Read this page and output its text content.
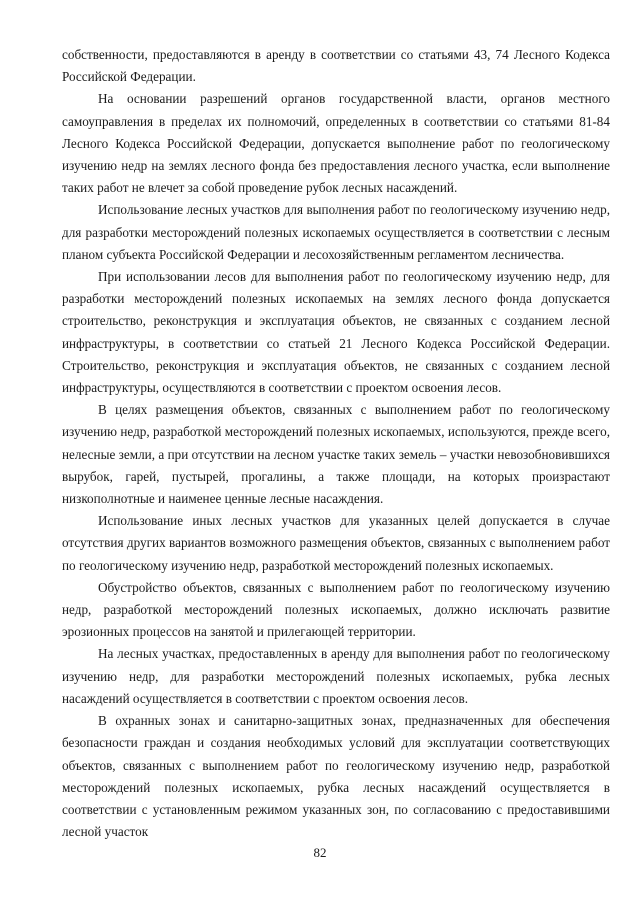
собственности, предоставляются в аренду в соответствии со статьями 43, 74 Лесного Кодекса Российской Федерации.

На основании разрешений органов государственной власти, органов местного самоуправления в пределах их полномочий, определенных в соответствии со статьями 81-84 Лесного Кодекса Российской Федерации, допускается выполнение работ по геологическому изучению недр на землях лесного фонда без предоставления лесного участка, если выполнение таких работ не влечет за собой проведение рубок лесных насаждений.

Использование лесных участков для выполнения работ по геологическому изучению недр, для разработки месторождений полезных ископаемых осуществляется в соответствии с лесным планом субъекта Российской Федерации и лесохозяйственным регламентом лесничества.

При использовании лесов для выполнения работ по геологическому изучению недр, для разработки месторождений полезных ископаемых на землях лесного фонда допускается строительство, реконструкция и эксплуатация объектов, не связанных с созданием лесной инфраструктуры, в соответствии со статьей 21 Лесного Кодекса Российской Федерации. Строительство, реконструкция и эксплуатация объектов, не связанных с созданием лесной инфраструктуры, осуществляются в соответствии с проектом освоения лесов.

В целях размещения объектов, связанных с выполнением работ по геологическому изучению недр, разработкой месторождений полезных ископаемых, используются, прежде всего, нелесные земли, а при отсутствии на лесном участке таких земель – участки невозобновившихся вырубок, гарей, пустырей, прогалины, а также площади, на которых произрастают низкополнотные и наименее ценные лесные насаждения.

Использование иных лесных участков для указанных целей допускается в случае отсутствия других вариантов возможного размещения объектов, связанных с выполнением работ по геологическому изучению недр, разработкой месторождений полезных ископаемых.

Обустройство объектов, связанных с выполнением работ по геологическому изучению недр, разработкой месторождений полезных ископаемых, должно исключать развитие эрозионных процессов на занятой и прилегающей территории.

На лесных участках, предоставленных в аренду для выполнения работ по геологическому изучению недр, для разработки месторождений полезных ископаемых, рубка лесных насаждений осуществляется в соответствии с проектом освоения лесов.

В охранных зонах и санитарно-защитных зонах, предназначенных для обеспечения безопасности граждан и создания необходимых условий для эксплуатации соответствующих объектов, связанных с выполнением работ по геологическому изучению недр, разработкой месторождений полезных ископаемых, рубка лесных насаждений осуществляется в соответствии с установленным режимом указанных зон, по согласованию с предоставившими лесной участок

82
